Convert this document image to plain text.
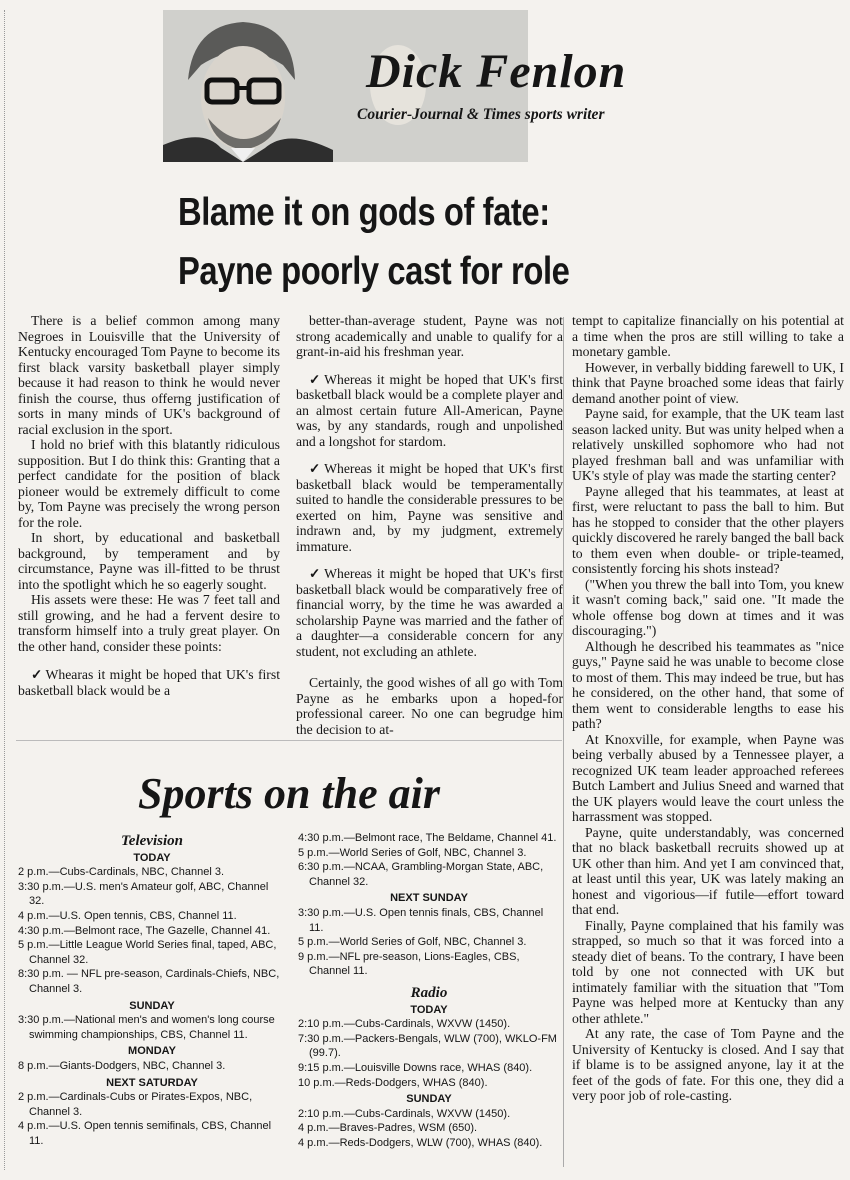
Dick Fenlon
Courier-Journal & Times sports writer
Blame it on gods of fate:
Payne poorly cast for role

There is a belief common among many Negroes in Louisville that the University of Kentucky encouraged Tom Payne to become its first black varsity basketball player simply because it had reason to think he would never finish the course, thus offerng justification of sorts in many minds of UK's background of racial exclusion in the sport.

I hold no brief with this blatantly ridiculous supposition. But I do think this: Granting that a perfect candidate for the position of black pioneer would be extremely difficult to come by, Tom Payne was precisely the wrong person for the role.

In short, by educational and basketball background, by temperament and by circumstance, Payne was ill-fitted to be thrust into the spotlight which he so eagerly sought.

His assets were these: He was 7 feet tall and still growing, and he had a fervent desire to transform himself into a truly great player. On the other hand, consider these points:

✓ Whearas it might be hoped that UK's first basketball black would be a

better-than-average student, Payne was not strong academically and unable to qualify for a grant-in-aid his freshman year.

✓ Whereas it might be hoped that UK's first basketball black would be a complete player and an almost certain future All-American, Payne was, by any standards, rough and unpolished and a longshot for stardom.

✓ Whereas it might be hoped that UK's first basketball black would be temperamentally suited to handle the considerable pressures to be exerted on him, Payne was sensitive and indrawn and, by my judgment, extremely immature.

✓ Whereas it might be hoped that UK's first basketball black would be comparatively free of financial worry, by the time he was awarded a scholarship Payne was married and the father of a daughter—a considerable concern for any student, not excluding an athlete.

Certainly, the good wishes of all go with Tom Payne as he embarks upon a hoped-for professional career. No one can begrudge him the decision to at-

tempt to capitalize financially on his potential at a time when the pros are still willing to take a monetary gamble.

However, in verbally bidding farewell to UK, I think that Payne broached some ideas that fairly demand another point of view.

Payne said, for example, that the UK team last season lacked unity. But was unity helped when a relatively unskilled sophomore who had not played freshman ball and was unfamiliar with UK's style of play was made the starting center?

Payne alleged that his teammates, at least at first, were reluctant to pass the ball to him. But has he stopped to consider that the other players quickly discovered he rarely banged the ball back to them even when double- or triple-teamed, consistently forcing his shots instead?

("When you threw the ball into Tom, you knew it wasn't coming back," said one. "It made the whole offense bog down at times and it was discouraging.")

Although he described his teammates as "nice guys," Payne said he was unable to become close to most of them. This may indeed be true, but has he considered, on the other hand, that some of them went to considerable lengths to ease his path?

At Knoxville, for example, when Payne was being verbally abused by a Tennessee player, a recognized UK team leader approached referees Butch Lambert and Julius Sneed and warned that the UK players would leave the court unless the harrassment was stopped.

Payne, quite understandably, was concerned that no black basketball recruits showed up at UK other than him. And yet I am convinced that, at least until this year, UK was lately making an honest and vigorious—if futile—effort toward that end.

Finally, Payne complained that his family was strapped, so much so that it was forced into a steady diet of beans. To the contrary, I have been told by one not connected with UK but intimately familiar with the situation that "Tom Payne was helped more at Kentucky than any other athlete."

At any rate, the case of Tom Payne and the University of Kentucky is closed. And I say that if blame is to be assigned anyone, lay it at the feet of the gods of fate. For this one, they did a very poor job of role-casting.

Sports on the air
Television
TODAY

2 p.m.—Cubs-Cardinals, NBC, Channel 3.

3:30 p.m.—U.S. men's Amateur golf, ABC, Channel 32.

4 p.m.—U.S. Open tennis, CBS, Channel 11.

4:30 p.m.—Belmont race, The Gazelle, Channel 41.

5 p.m.—Little League World Series final, taped, ABC, Channel 32.

8:30 p.m. — NFL pre-season, Cardinals-Chiefs, NBC, Channel 3.

SUNDAY

3:30 p.m.—National men's and women's long course swimming championships, CBS, Channel 11.

MONDAY

8 p.m.—Giants-Dodgers, NBC, Channel 3.

NEXT SATURDAY

2 p.m.—Cardinals-Cubs or Pirates-Expos, NBC, Channel 3.

4 p.m.—U.S. Open tennis semifinals, CBS, Channel 11.

4:30 p.m.—Belmont race, The Beldame, Channel 41.

5 p.m.—World Series of Golf, NBC, Channel 3.

6:30 p.m.—NCAA, Grambling-Morgan State, ABC, Channel 32.

NEXT SUNDAY

3:30 p.m.—U.S. Open tennis finals, CBS, Channel 11.

5 p.m.—World Series of Golf, NBC, Channel 3.

9 p.m.—NFL pre-season, Lions-Eagles, CBS, Channel 11.

Radio
TODAY

2:10 p.m.—Cubs-Cardinals, WXVW (1450).

7:30 p.m.—Packers-Bengals, WLW (700), WKLO-FM (99.7).

9:15 p.m.—Louisville Downs race, WHAS (840).

10 p.m.—Reds-Dodgers, WHAS (840).

SUNDAY

2:10 p.m.—Cubs-Cardinals, WXVW (1450).

4 p.m.—Braves-Padres, WSM (650).

4 p.m.—Reds-Dodgers, WLW (700), WHAS (840).
